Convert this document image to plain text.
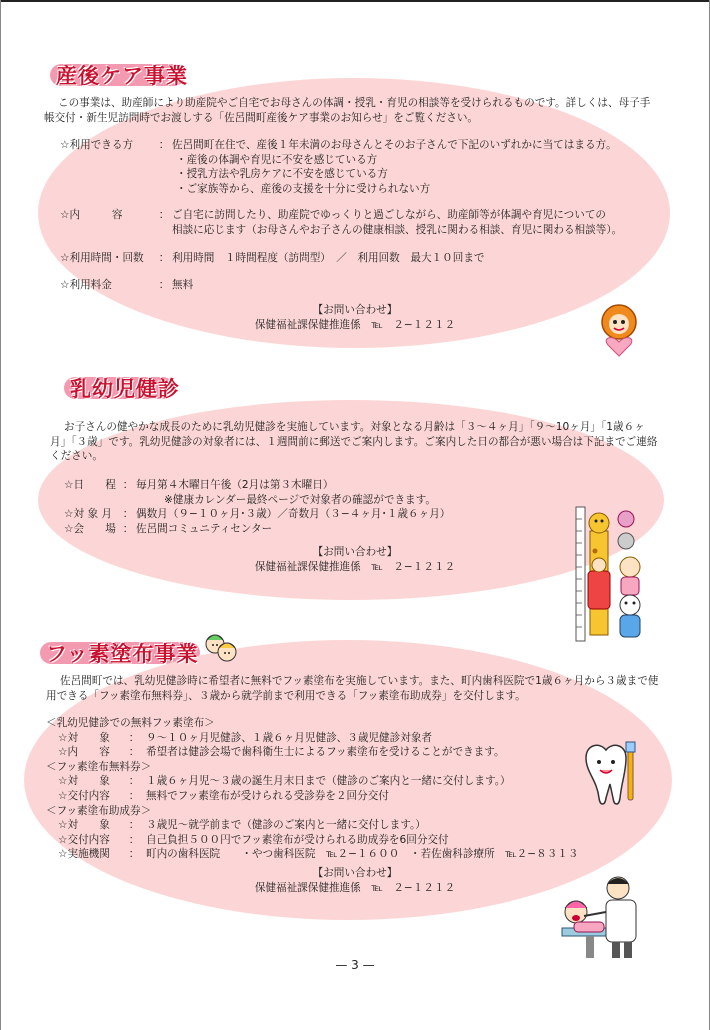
産後ケア事業
この事業は、助産師により助産院やご自宅でお母さんの体調・授乳・育児の相談等を受けられるものです。詳しくは、母子手帳交付・新生児訪問時でお渡しする「佐呂間町産後ケア事業のお知らせ」をご覧ください。
☆利用できる方	： 佐呂間町在住で、産後１年未満のお母さんとそのお子さんで下記のいずれかに当てはまる方。
・産後の体調や育児に不安を感じている方
・授乳方法や乳房ケアに不安を感じている方
・ご家族等から、産後の支援を十分に受けられない方
☆内　　　容	： ご自宅に訪問したり、助産院でゆっくりと過ごしながら、助産師等が体調や育児についての
相談に応じます（お母さんやお子さんの健康相談、授乳に関わる相談、育児に関わる相談等）。
☆利用時間・回数	： 利用時間　１時間程度（訪問型）　／　利用回数　最大１０回まで
☆利用料金	： 無料
【お問い合わせ】
保健福祉課保健推進係　℡　２−１２１２
乳幼児健診
お子さんの健やかな成長のために乳幼児健診を実施しています。対象となる月齢は「３〜４ヶ月」「９〜10ヶ月」「1歳６ヶ月」「３歳」です。乳幼児健診の対象者には、１週間前に郵送でご案内します。ご案内した日の都合が悪い場合は下記までご連絡ください。
☆日　　程 ： 毎月第４木曜日午後（2月は第３木曜日）
※健康カレンダー最終ページで対象者の確認ができます。
☆対 象 月	： 偶数月（９−１０ヶ月･３歳）／奇数月（３−４ヶ月･１歳６ヶ月）
☆会　　場 ： 佐呂間コミュニティセンター
【お問い合わせ】
保健福祉課保健推進係　℡　２−１２１２
フッ素塗布事業
佐呂間町では、乳幼児健診時に希望者に無料でフッ素塗布を実施しています。また、町内歯科医院で1歳６ヶ月から３歳まで使用できる「フッ素塗布無料券」、３歳から就学前まで利用できる「フッ素塗布助成券」を交付します。
＜乳幼児健診での無料フッ素塗布＞
☆対　　象	： ９〜１０ヶ月児健診、１歳６ヶ月児健診、３歳児健診対象者
☆内　　容	： 希望者は健診会場で歯科衛生士によるフッ素塗布を受けることができます。
＜フッ素塗布無料券＞
☆対　　象	： １歳６ヶ月児〜３歳の誕生月末日まで（健診のご案内と一緒に交付します。）
☆交付内容	： 無料でフッ素塗布が受けられる受診券を２回分交付
＜フッ素塗布助成券＞
☆対　　象	： ３歳児〜就学前まで（健診のご案内と一緒に交付します。）
☆交付内容	： 自己負担５００円でフッ素塗布が受けられる助成券を6回分交付
☆実施機関	： 町内の歯科医院　　・やつ歯科医院　℡２−１６００　・若佐歯科診療所　℡２−８３１３
【お問い合わせ】
保健福祉課保健推進係　℡　２−１２１２
— 3 —
